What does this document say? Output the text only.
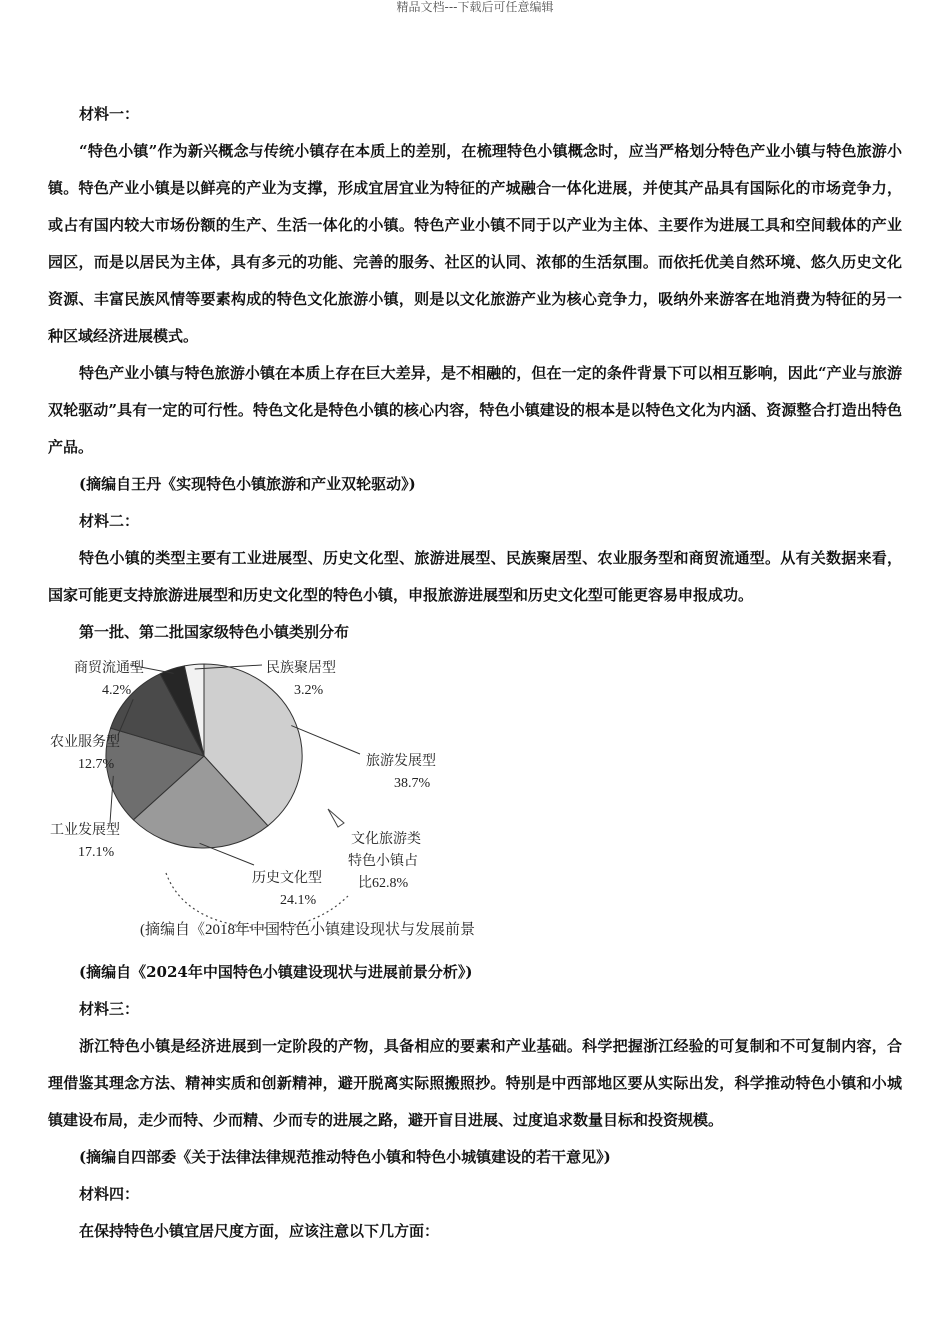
精品文档---下载后可任意编辑

材料一：

“特色小镇”作为新兴概念与传统小镇存在本质上的差别，在梳理特色小镇概念时，应当严格划分特色产业小镇与特色旅游小镇。特色产业小镇是以鲜亮的产业为支撑，形成宜居宜业为特征的产城融合一体化进展，并使其产品具有国际化的市场竞争力，或占有国内较大市场份额的生产、生活一体化的小镇。特色产业小镇不同于以产业为主体、主要作为进展工具和空间载体的产业园区，而是以居民为主体，具有多元的功能、完善的服务、社区的认同、浓郁的生活氛围。而依托优美自然环境、悠久历史文化资源、丰富民族风情等要素构成的特色文化旅游小镇，则是以文化旅游产业为核心竞争力，吸纳外来游客在地消费为特征的另一种区域经济进展模式。

特色产业小镇与特色旅游小镇在本质上存在巨大差异，是不相融的，但在一定的条件背景下可以相互影响，因此“产业与旅游双轮驱动”具有一定的可行性。特色文化是特色小镇的核心内容，特色小镇建设的根本是以特色文化为内涵、资源整合打造出特色产品。

(摘编自王丹《实现特色小镇旅游和产业双轮驱动》)

材料二：

特色小镇的类型主要有工业进展型、历史文化型、旅游进展型、民族聚居型、农业服务型和商贸流通型。从有关数据来看，国家可能更支持旅游进展型和历史文化型的特色小镇，申报旅游进展型和历史文化型可能更容易申报成功。

第一批、第二批国家级特色小镇类别分布

旅游发展型
38.7%
历史文化型
24.1%
工业发展型
17.1%
农业服务型
12.7%
商贸流通型
4.2%
民族聚居型
3.2%
文化旅游类
特色小镇占
比62.8%
(摘编自《2018年中国特色小镇建设现状与发展前景

(摘编自《2024年中国特色小镇建设现状与进展前景分析》)

材料三：

浙江特色小镇是经济进展到一定阶段的产物，具备相应的要素和产业基础。科学把握浙江经验的可复制和不可复制内容，合理借鉴其理念方法、精神实质和创新精神，避开脱离实际照搬照抄。特别是中西部地区要从实际出发，科学推动特色小镇和小城镇建设布局，走少而特、少而精、少而专的进展之路，避开盲目进展、过度追求数量目标和投资规模。

(摘编自四部委《关于法律法律规范推动特色小镇和特色小城镇建设的若干意见》)

材料四：

在保持特色小镇宜居尺度方面，应该注意以下几方面：
